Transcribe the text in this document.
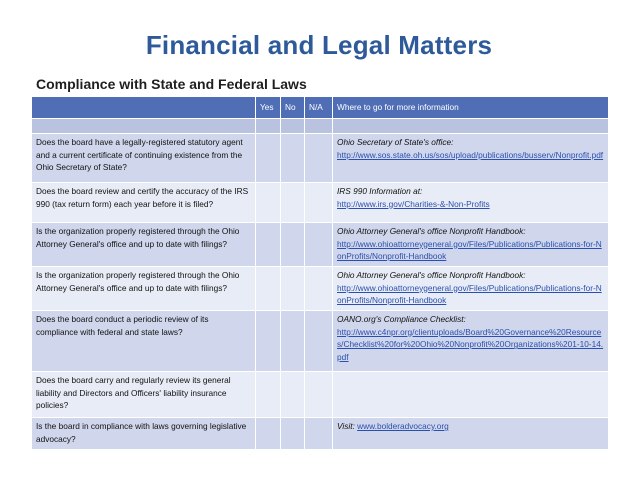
Financial and Legal Matters
Compliance with State and Federal Laws
	Yes	No	N/A	Where to go for more information

Does the board have a legally-registered statutory agent and a current certificate of continuing existence from the Ohio Secretary of State?				Ohio Secretary of State's office:
http://www.sos.state.oh.us/sos/upload/publications/busserv/Nonprofit.pdf

Does the board review and certify the accuracy of the IRS 990 (tax return form) each year before it is filed?				IRS 990 Information at:
http://www.irs.gov/Charities-&-Non-Profits

Is the organization properly registered through the Ohio Attorney General's office and up to date with filings?				Ohio Attorney General's office Nonprofit Handbook:
http://www.ohioattorneygeneral.gov/Files/Publications/Publications-for-NonProfits/Nonprofit-Handbook

Is the organization properly registered through the Ohio Attorney General's office and up to date with filings?				Ohio Attorney General's office Nonprofit Handbook:
http://www.ohioattorneygeneral.gov/Files/Publications/Publications-for-NonProfits/Nonprofit-Handbook

Does the board conduct a periodic review of its compliance with federal and state laws?				OANO.org's Compliance Checklist:
http://www.c4npr.org/clientuploads/Board%20Governance%20Resources/Checklist%20for%20Ohio%20Nonprofit%20Organizations%201-10-14.pdf

Does the board carry and regularly review its general liability and Directors and Officers' liability insurance policies?				

Is the board in compliance with laws governing legislative advocacy?				Visit: www.bolderadvocacy.org
